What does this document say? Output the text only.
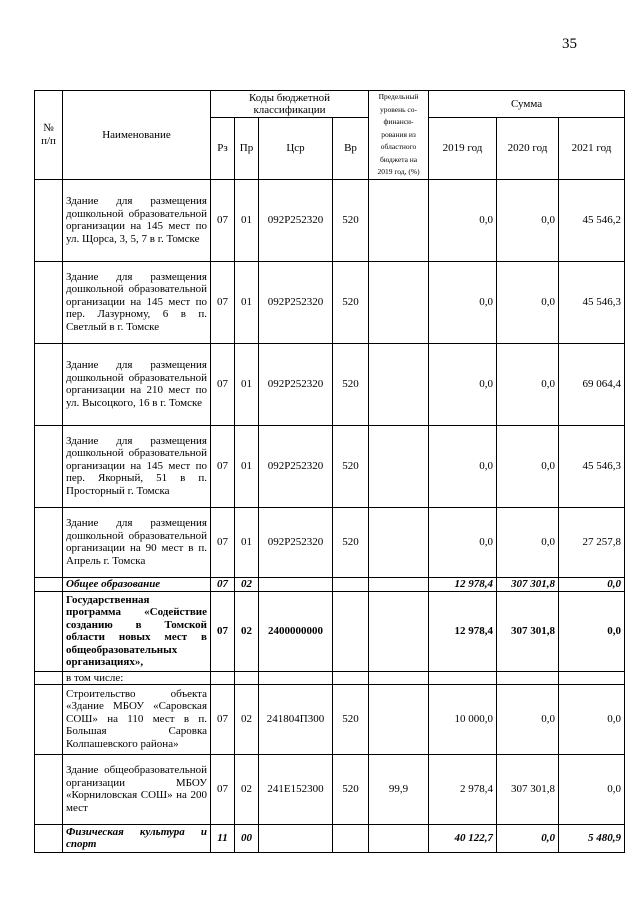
35
№ п/п	Наименование	Коды бюджетной классификации				Предельный уровень со-финанси-рования из областного бюджета на 2019 год, (%)	Сумма		
		Рз	Пр	Цср	Вр		2019 год	2020 год	2021 год
	Здание для размещения дошкольной образовательной организации на 145 мест по ул. Щорса, 3, 5, 7 в г. Томске	07	01	092P252320	520		0,0	0,0	45 546,2
	Здание для размещения дошкольной образовательной организации на 145 мест по пер. Лазурному, 6 в п. Светлый в г. Томске	07	01	092P252320	520		0,0	0,0	45 546,3
	Здание для размещения дошкольной образовательной организации на 210 мест по ул. Высоцкого, 16 в г. Томске	07	01	092P252320	520		0,0	0,0	69 064,4
	Здание для размещения дошкольной образовательной организации на 145 мест по пер. Якорный, 51 в п. Просторный г. Томска	07	01	092P252320	520		0,0	0,0	45 546,3
	Здание для размещения дошкольной образовательной организации на 90 мест в п. Апрель г. Томска	07	01	092P252320	520		0,0	0,0	27 257,8
	Общее образование	07	02				12 978,4	307 301,8	0,0
	Государственная программа «Содействие созданию в Томской области новых мест в общеобразовательных организациях»,	07	02	2400000000			12 978,4	307 301,8	0,0
	в том числе:								
	Строительство объекта «Здание МБОУ «Саровская СОШ» на 110 мест в п. Большая Саровка Колпашевского района»	07	02	241804П300	520		10 000,0	0,0	0,0
	Здание общеобразовательной организации МБОУ «Корниловская СОШ» на 200 мест	07	02	241E152300	520	99,9	2 978,4	307 301,8	0,0
	Физическая культура и спорт	11	00				40 122,7	0,0	5 480,9
